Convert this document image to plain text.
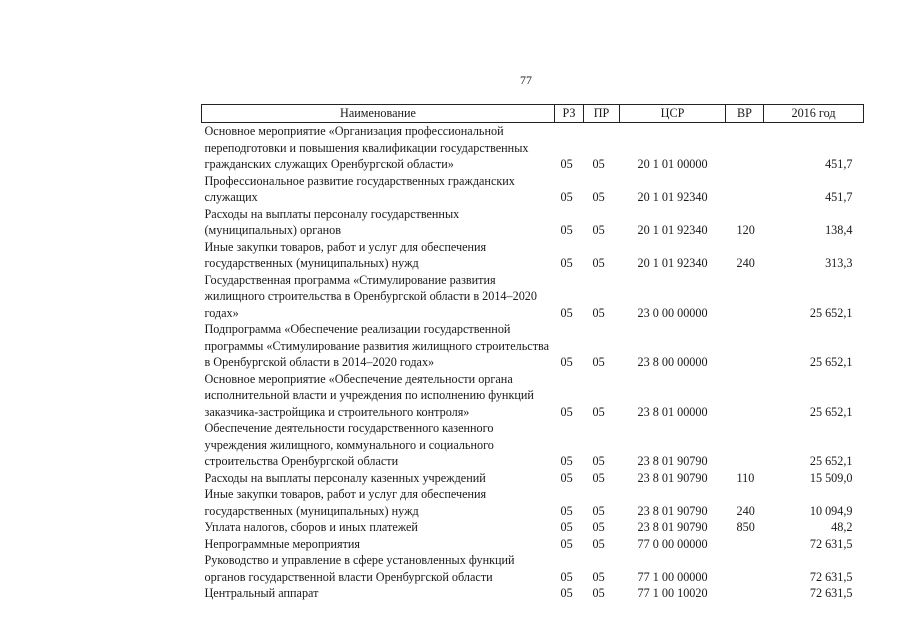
77
Наименование	РЗ	ПР	ЦСР	ВР	2016 год
Основное мероприятие «Организация профессиональной переподготовки и повышения квалификации государственных гражданских служащих Оренбургской области»	05	05	20 1 01 00000		451,7
Профессиональное развитие государственных гражданских служащих	05	05	20 1 01 92340		451,7
Расходы на выплаты персоналу государственных (муниципальных) органов	05	05	20 1 01 92340	120	138,4
Иные закупки товаров, работ и услуг для обеспечения государственных (муниципальных) нужд	05	05	20 1 01 92340	240	313,3
Государственная программа «Стимулирование развития жилищного строительства в Оренбургской области в 2014–2020 годах»	05	05	23 0 00 00000		25 652,1
Подпрограмма «Обеспечение реализации государственной программы «Стимулирование развития жилищного строительства в Оренбургской области в 2014–2020 годах»	05	05	23 8 00 00000		25 652,1
Основное мероприятие «Обеспечение деятельности органа исполнительной власти и учреждения по исполнению функций заказчика-застройщика и строительного контроля»	05	05	23 8 01 00000		25 652,1
Обеспечение деятельности государственного казенного учреждения жилищного, коммунального и социального строительства Оренбургской области	05	05	23 8 01 90790		25 652,1
Расходы на выплаты персоналу казенных учреждений	05	05	23 8 01 90790	110	15 509,0
Иные закупки товаров, работ и услуг для обеспечения государственных (муниципальных) нужд	05	05	23 8 01 90790	240	10 094,9
Уплата налогов, сборов и иных платежей	05	05	23 8 01 90790	850	48,2
Непрограммные мероприятия	05	05	77 0 00 00000		72 631,5
Руководство и управление в сфере установленных функций органов государственной власти Оренбургской области	05	05	77 1 00 00000		72 631,5
Центральный аппарат	05	05	77 1 00 10020		72 631,5
